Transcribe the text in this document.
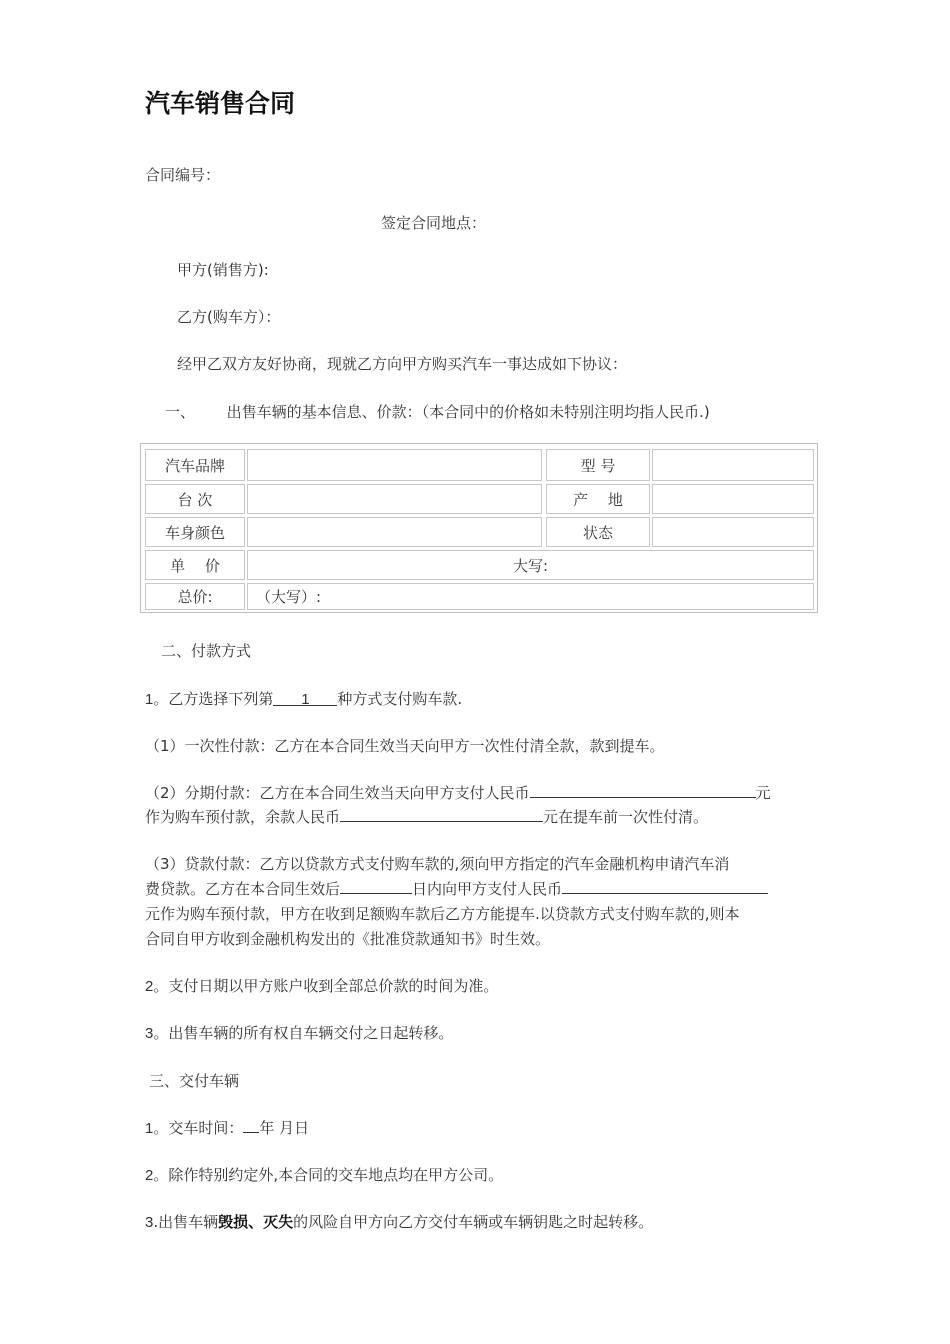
汽车销售合同
合同编号：
签定合同地点：
甲方(销售方):
乙方(购车方）：
经甲乙双方友好协商，现就乙方向甲方购买汽车一事达成如下协议：
一、 出售车辆的基本信息、价款：（本合同中的价格如未特别注明均指人民币.)
汽车品牌	型 号
台 次	产　 地
车身颜色	状态
单　 价	大写:
总价:	（大写）:
二、付款方式
1。乙方选择下列第 1 种方式支付购车款.
（1）一次性付款：乙方在本合同生效当天向甲方一次性付清全款，款到提车。
（2）分期付款：乙方在本合同生效当天向甲方支付人民币	元
作为购车预付款，余款人民币	元在提车前一次性付清。
（3）贷款付款：乙方以贷款方式支付购车款的,须向甲方指定的汽车金融机构申请汽车消
费贷款。乙方在本合同生效后	日内向甲方支付人民币
元作为购车预付款，甲方在收到足额购车款后乙方方能提车.以贷款方式支付购车款的,则本
合同自甲方收到金融机构发出的《批准贷款通知书》时生效。
2。支付日期以甲方账户收到全部总价款的时间为准。
3。出售车辆的所有权自车辆交付之日起转移。
三、交付车辆
1。交车时间： 年 月日
2。除作特别约定外,本合同的交车地点均在甲方公司。
3.出售车辆毁损、灭失的风险自甲方向乙方交付车辆或车辆钥匙之时起转移。
